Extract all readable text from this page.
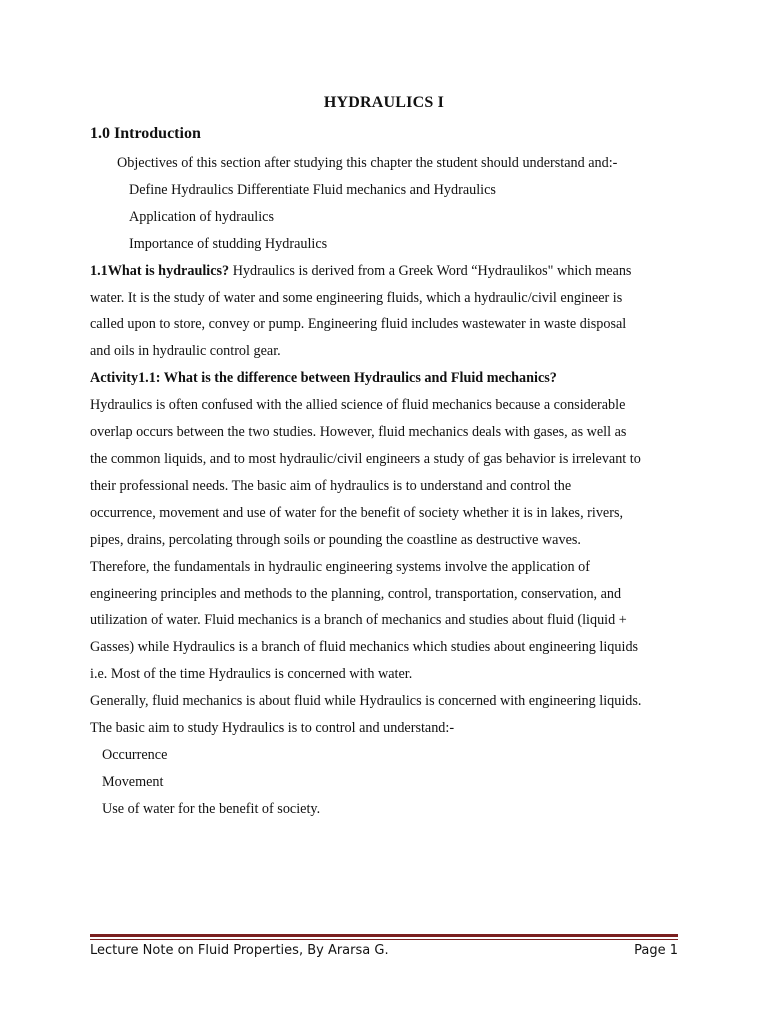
HYDRAULICS I
1.0 Introduction
Objectives of this section after studying this chapter the student should understand and:-
Define Hydraulics Differentiate Fluid mechanics and Hydraulics
Application of hydraulics
Importance of studding Hydraulics
1.1What is hydraulics? Hydraulics is derived from a Greek Word “Hydraulikos" which means
water. It is the study of water and some engineering fluids, which a hydraulic/civil engineer is
called upon to store, convey or pump. Engineering fluid includes wastewater in waste disposal
and oils in hydraulic control gear.
Activity1.1: What is the difference between Hydraulics and Fluid mechanics?
Hydraulics is often confused with the allied science of fluid mechanics because a considerable
overlap occurs between the two studies. However, fluid mechanics deals with gases, as well as
the common liquids, and to most hydraulic/civil engineers a study of gas behavior is irrelevant to
their professional needs. The basic aim of hydraulics is to understand and control the
occurrence, movement and use of water for the benefit of society whether it is in lakes, rivers,
pipes, drains, percolating through soils or pounding the coastline as destructive waves.
Therefore, the fundamentals in hydraulic engineering systems involve the application of
engineering principles and methods to the planning, control, transportation, conservation, and
utilization of water. Fluid mechanics is a branch of mechanics and studies about fluid (liquid +
Gasses) while Hydraulics is a branch of fluid mechanics which studies about engineering liquids
i.e. Most of the time Hydraulics is concerned with water.
Generally, fluid mechanics is about fluid while Hydraulics is concerned with engineering liquids.
The basic aim to study Hydraulics is to control and understand:-
Occurrence
Movement
Use of water for the benefit of society.
Lecture Note on Fluid Properties, By Ararsa G.	Page 1
